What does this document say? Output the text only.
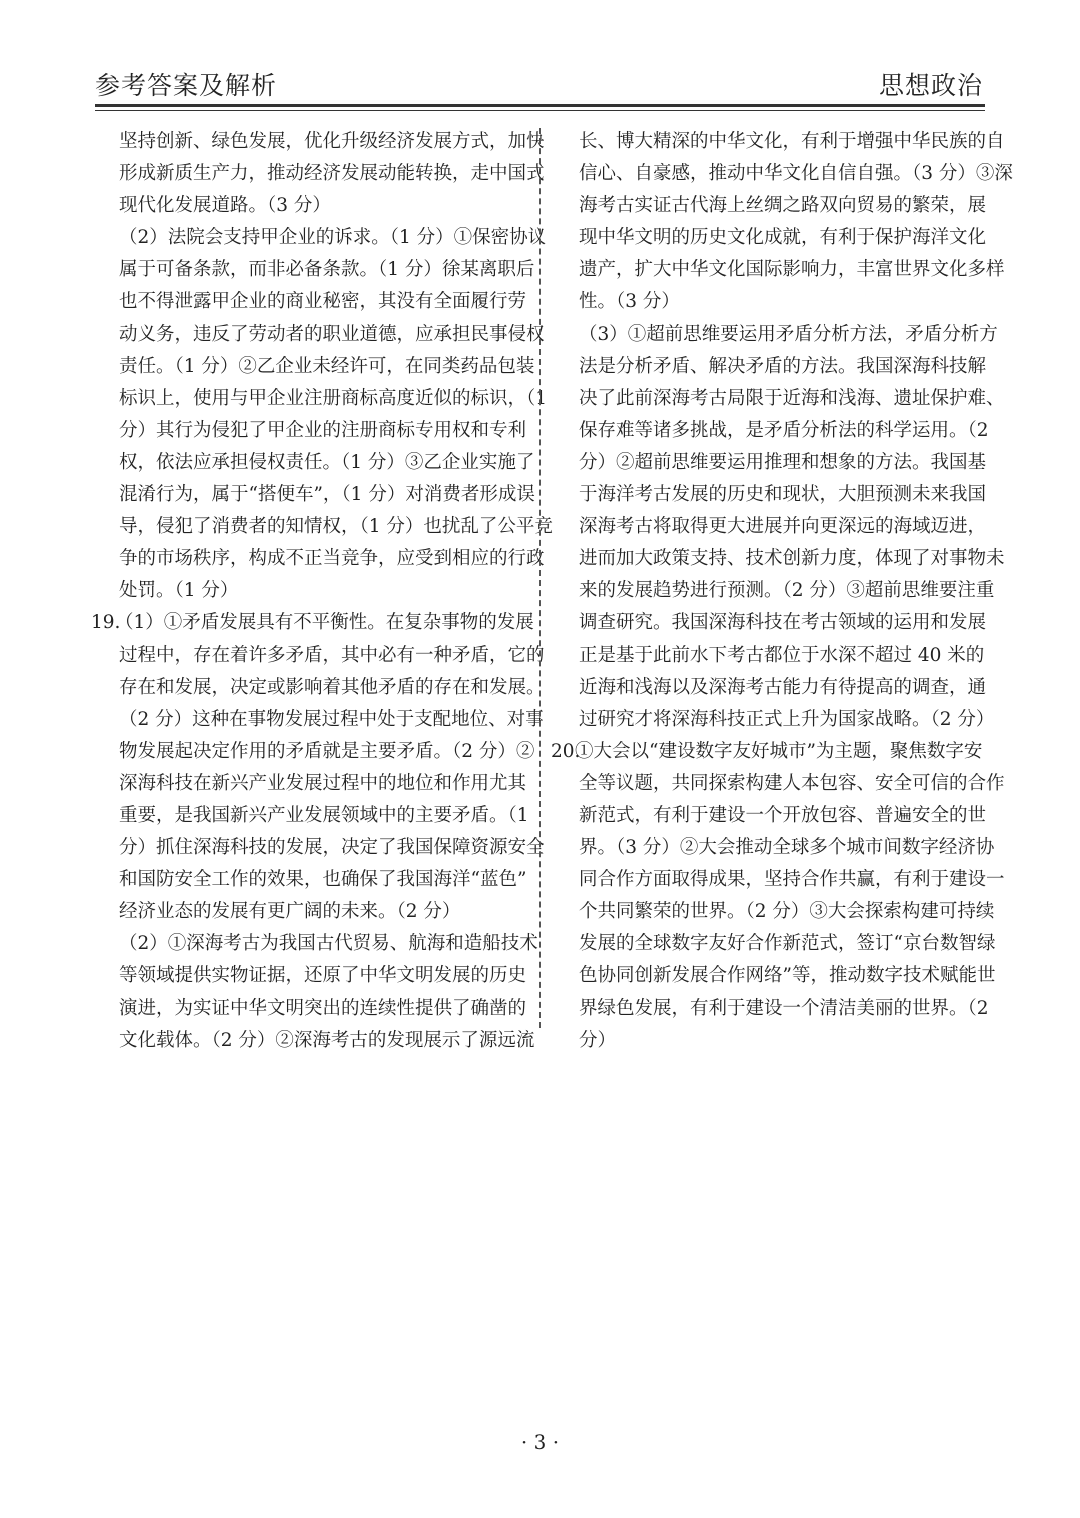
参考答案及解析	思想政治
坚持创新、绿色发展，优化升级经济发展方式，加快
形成新质生产力，推动经济发展动能转换，走中国式
现代化发展道路。（3 分）
（2）法院会支持甲企业的诉求。（1 分）①保密协议
属于可备条款，而非必备条款。（1 分）徐某离职后
也不得泄露甲企业的商业秘密，其没有全面履行劳
动义务，违反了劳动者的职业道德，应承担民事侵权
责任。（1 分）②乙企业未经许可，在同类药品包装
标识上，使用与甲企业注册商标高度近似的标识，（1
分）其行为侵犯了甲企业的注册商标专用权和专利
权，依法应承担侵权责任。（1 分）③乙企业实施了
混淆行为，属于“搭便车”，（1 分）对消费者形成误
导，侵犯了消费者的知情权，（1 分）也扰乱了公平竞
争的市场秩序，构成不正当竞争，应受到相应的行政
处罚。（1 分）
19.（1）①矛盾发展具有不平衡性。在复杂事物的发展
过程中，存在着许多矛盾，其中必有一种矛盾，它的
存在和发展，决定或影响着其他矛盾的存在和发展。
（2 分）这种在事物发展过程中处于支配地位、对事
物发展起决定作用的矛盾就是主要矛盾。（2 分）②
深海科技在新兴产业发展过程中的地位和作用尤其
重要，是我国新兴产业发展领域中的主要矛盾。（1
分）抓住深海科技的发展，决定了我国保障资源安全
和国防安全工作的效果，也确保了我国海洋“蓝色”
经济业态的发展有更广阔的未来。（2 分）
（2）①深海考古为我国古代贸易、航海和造船技术
等领域提供实物证据，还原了中华文明发展的历史
演进，为实证中华文明突出的连续性提供了确凿的
文化载体。（2 分）②深海考古的发现展示了源远流
长、博大精深的中华文化，有利于增强中华民族的自
信心、自豪感，推动中华文化自信自强。（3 分）③深
海考古实证古代海上丝绸之路双向贸易的繁荣，展
现中华文明的历史文化成就，有利于保护海洋文化
遗产，扩大中华文化国际影响力，丰富世界文化多样
性。（3 分）
（3）①超前思维要运用矛盾分析方法，矛盾分析方
法是分析矛盾、解决矛盾的方法。我国深海科技解
决了此前深海考古局限于近海和浅海、遗址保护难、
保存难等诸多挑战，是矛盾分析法的科学运用。（2
分）②超前思维要运用推理和想象的方法。我国基
于海洋考古发展的历史和现状，大胆预测未来我国
深海考古将取得更大进展并向更深远的海域迈进，
进而加大政策支持、技术创新力度，体现了对事物未
来的发展趋势进行预测。（2 分）③超前思维要注重
调查研究。我国深海科技在考古领域的运用和发展
正是基于此前水下考古都位于水深不超过 40 米的
近海和浅海以及深海考古能力有待提高的调查，通
过研究才将深海科技正式上升为国家战略。（2 分）
20.①大会以“建设数字友好城市”为主题，聚焦数字安
全等议题，共同探索构建人本包容、安全可信的合作
新范式，有利于建设一个开放包容、普遍安全的世
界。（3 分）②大会推动全球多个城市间数字经济协
同合作方面取得成果，坚持合作共赢，有利于建设一
个共同繁荣的世界。（2 分）③大会探索构建可持续
发展的全球数字友好合作新范式，签订“京台数智绿
色协同创新发展合作网络”等，推动数字技术赋能世
界绿色发展，有利于建设一个清洁美丽的世界。（2
分）
· 3 ·
